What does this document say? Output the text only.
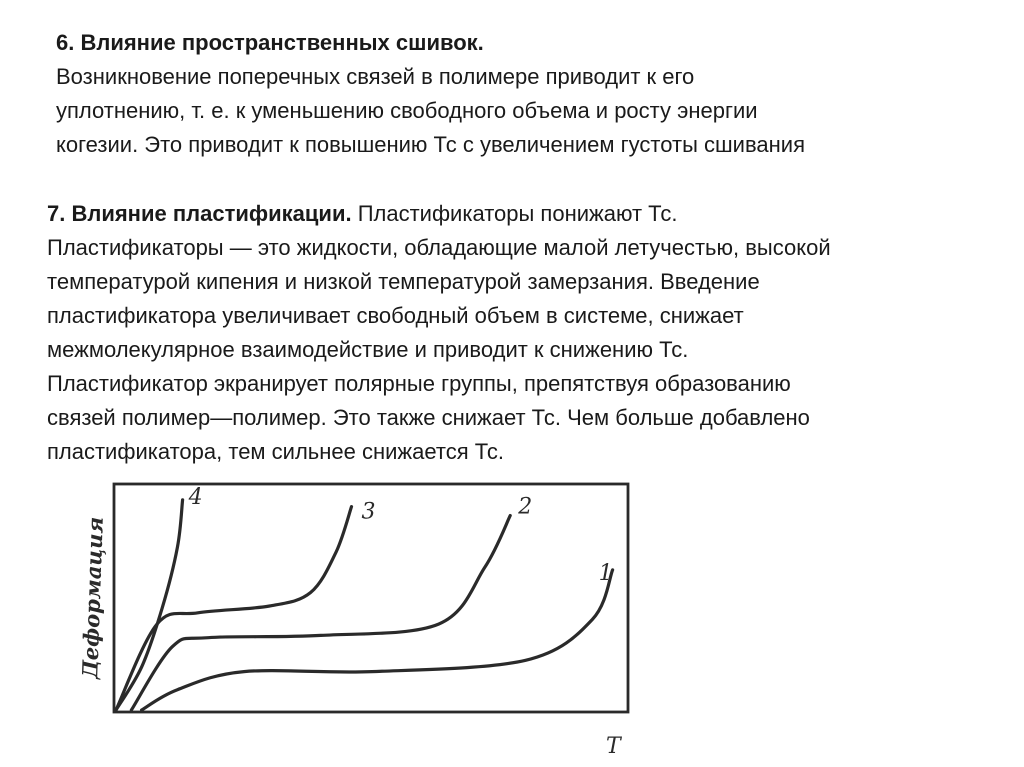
6. Влияние пространственных сшивок.
Возникновение поперечных связей в полимере приводит к его
уплотнению, т. е. к уменьшению свободного объема и росту энергии
когезии. Это приводит к повышению Тс с увеличением густоты сшивания

7. Влияние пластификации. Пластификаторы понижают Тс.
Пластификаторы — это жидкости, обладающие малой летучестью, высокой
температурой кипения и низкой температурой замерзания. Введение
пластификатора увеличивает свободный объем в системе, снижает
межмолекулярное взаимодействие и приводит к снижению Тс.
Пластификатор экранирует полярные группы, препятствуя образованию
связей полимер—полимер. Это также снижает Тс. Чем больше добавлено
пластификатора, тем сильнее снижается Тс.

Деформация
T
1
2
3
4
